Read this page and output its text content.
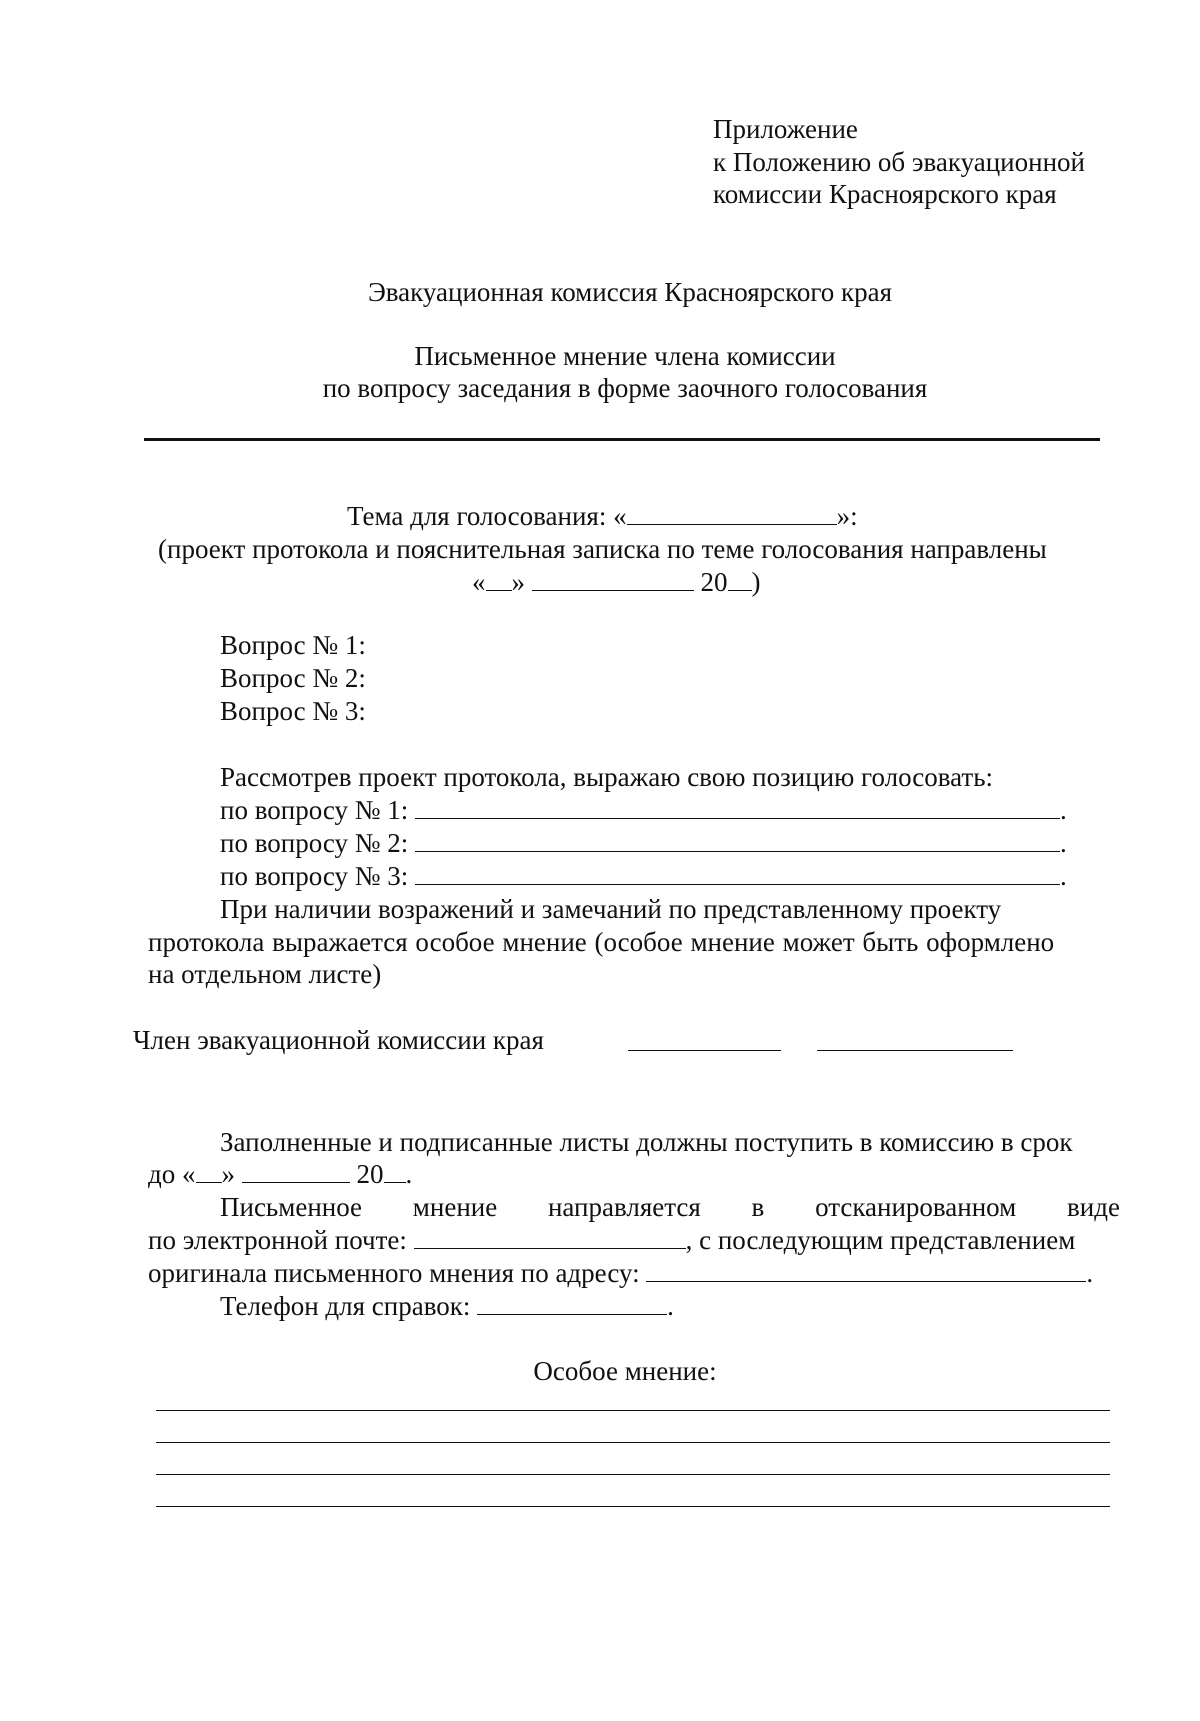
Приложение
к Положению об эвакуационной
комиссии Красноярского края
Эвакуационная комиссия Красноярского края
Письменное мнение члена комиссии
по вопросу заседания в форме заочного голосования
Тема для голосования: «	»:
(проект протокола и пояснительная записка по теме голосования направлены
« »	20 )
Вопрос № 1:
Вопрос № 2:
Вопрос № 3:
Рассмотрев проект протокола, выражаю свою позицию голосовать:
по вопросу № 1:	.
по вопросу № 2:	.
по вопросу № 3:	.
При наличии возражений и замечаний по представленному проекту
протокола выражается особое мнение (особое мнение может быть оформлено
на отдельном листе)
Член эвакуационной комиссии края
Заполненные и подписанные листы должны поступить в комиссию в срок
до « »	20 .
Письменное мнение направляется в отсканированном виде
по электронной почте:	, с последующим представлением
оригинала письменного мнения по адресу:	.
Телефон для справок:	.
Особое мнение:
